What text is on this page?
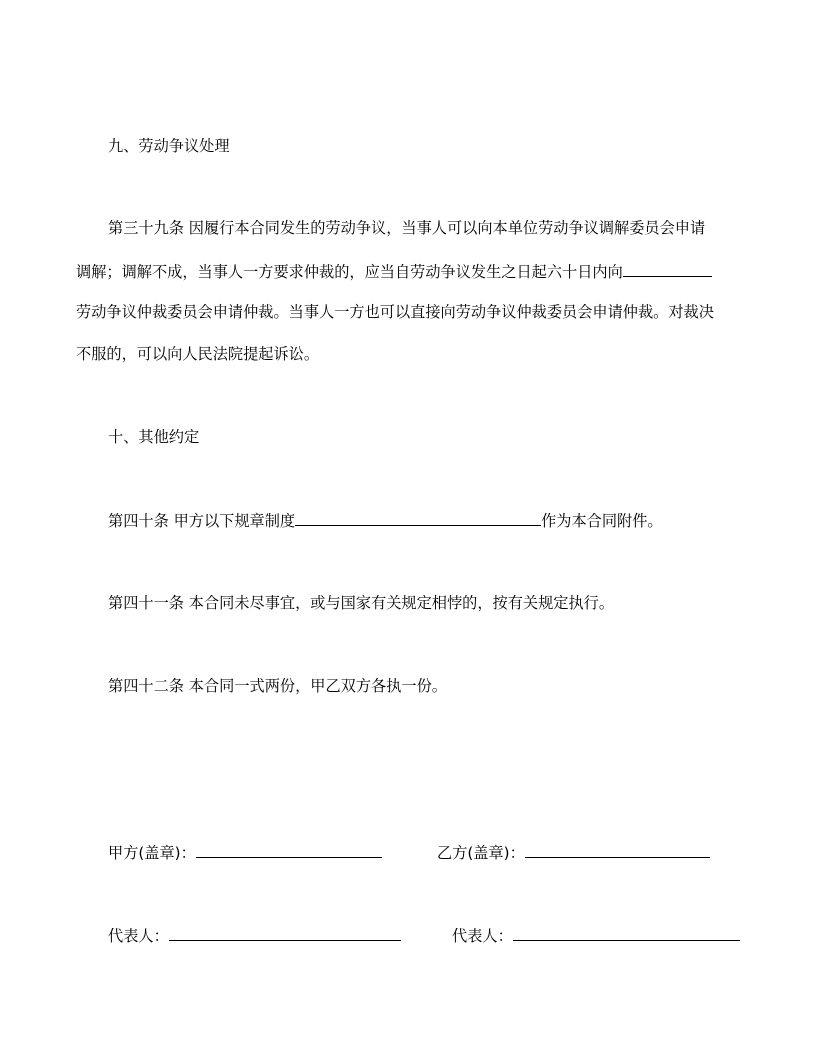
九、劳动争议处理
第三十九条 因履行本合同发生的劳动争议，当事人可以向本单位劳动争议调解委员会申请
调解；调解不成，当事人一方要求仲裁的，应当自劳动争议发生之日起六十日内向
劳动争议仲裁委员会申请仲裁。当事人一方也可以直接向劳动争议仲裁委员会申请仲裁。对裁决
不服的，可以向人民法院提起诉讼。
十、其他约定
第四十条 甲方以下规章制度	作为本合同附件。
第四十一条 本合同未尽事宜，或与国家有关规定相悖的，按有关规定执行。
第四十二条 本合同一式两份，甲乙双方各执一份。
甲方(盖章)：	乙方(盖章)：
代表人：	代表人：
